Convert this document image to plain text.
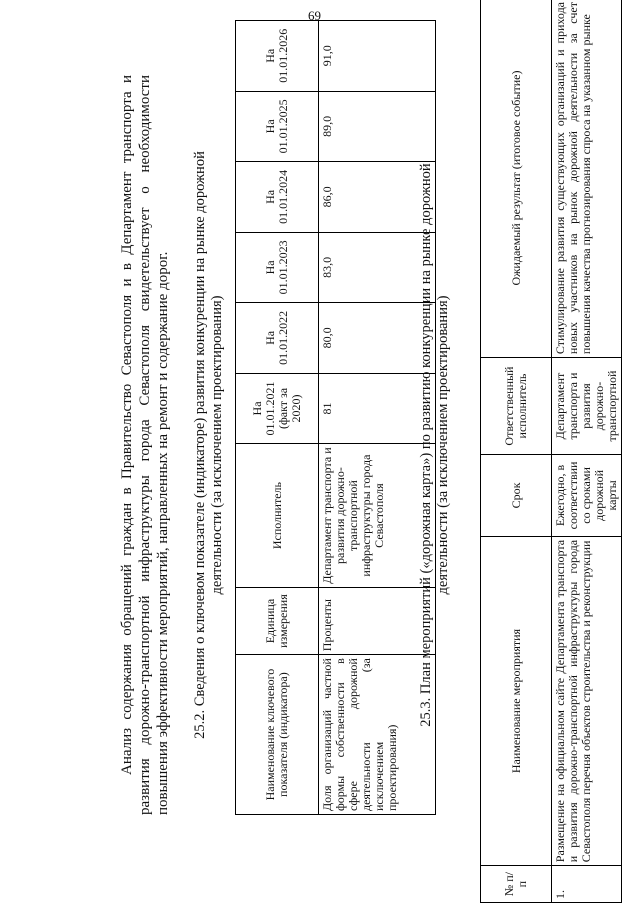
69
Анализ содержания обращений граждан в Правительство Севастополя и в Департамент транспорта и развития дорожно-транспортной инфраструктуры города Севастополя свидетельствует о необходимости повышения эффективности мероприятий, направленных на ремонт и содержание дорог. 25.2. Сведения о ключевом показателе (индикаторе) развития конкуренции на рынке дорожной деятельности (за исключением проектирования)
Наименование ключевого показателя (индикатора)	Единица измерения	Исполнитель	На 01.01.2021 (факт за 2020)	На 01.01.2022	На 01.01.2023	На 01.01.2024	На 01.01.2025	На 01.01.2026
Доля организаций частной формы собственности в сфере дорожной деятельности (за исключением проектирования)	Проценты	Департамент транспорта и развития дорожно-транспортной инфраструктуры города Севастополя	81	80,0	83,0	86,0	89,0	91,0
25.3. План мероприятий («дорожная карта») по развитию конкуренции на рынке дорожной деятельности (за исключением проектирования)
№ п/п	Наименование мероприятия	Срок	Ответственный исполнитель	Ожидаемый результат (итоговое событие)
1.	Размещение на официальном сайте Департамента транспорта и развития дорожно-транспортной инфраструктуры города Севастополя перечня объектов строительства и реконструкции	Ежегодно, в соответствии со сроками дорожной карты	Департамент транспорта и развития дорожно-транспортной	Стимулирование развития существующих организаций и прихода новых участников на рынок дорожной деятельности за счет повышения качества прогнозирования спроса на указанном рынке
